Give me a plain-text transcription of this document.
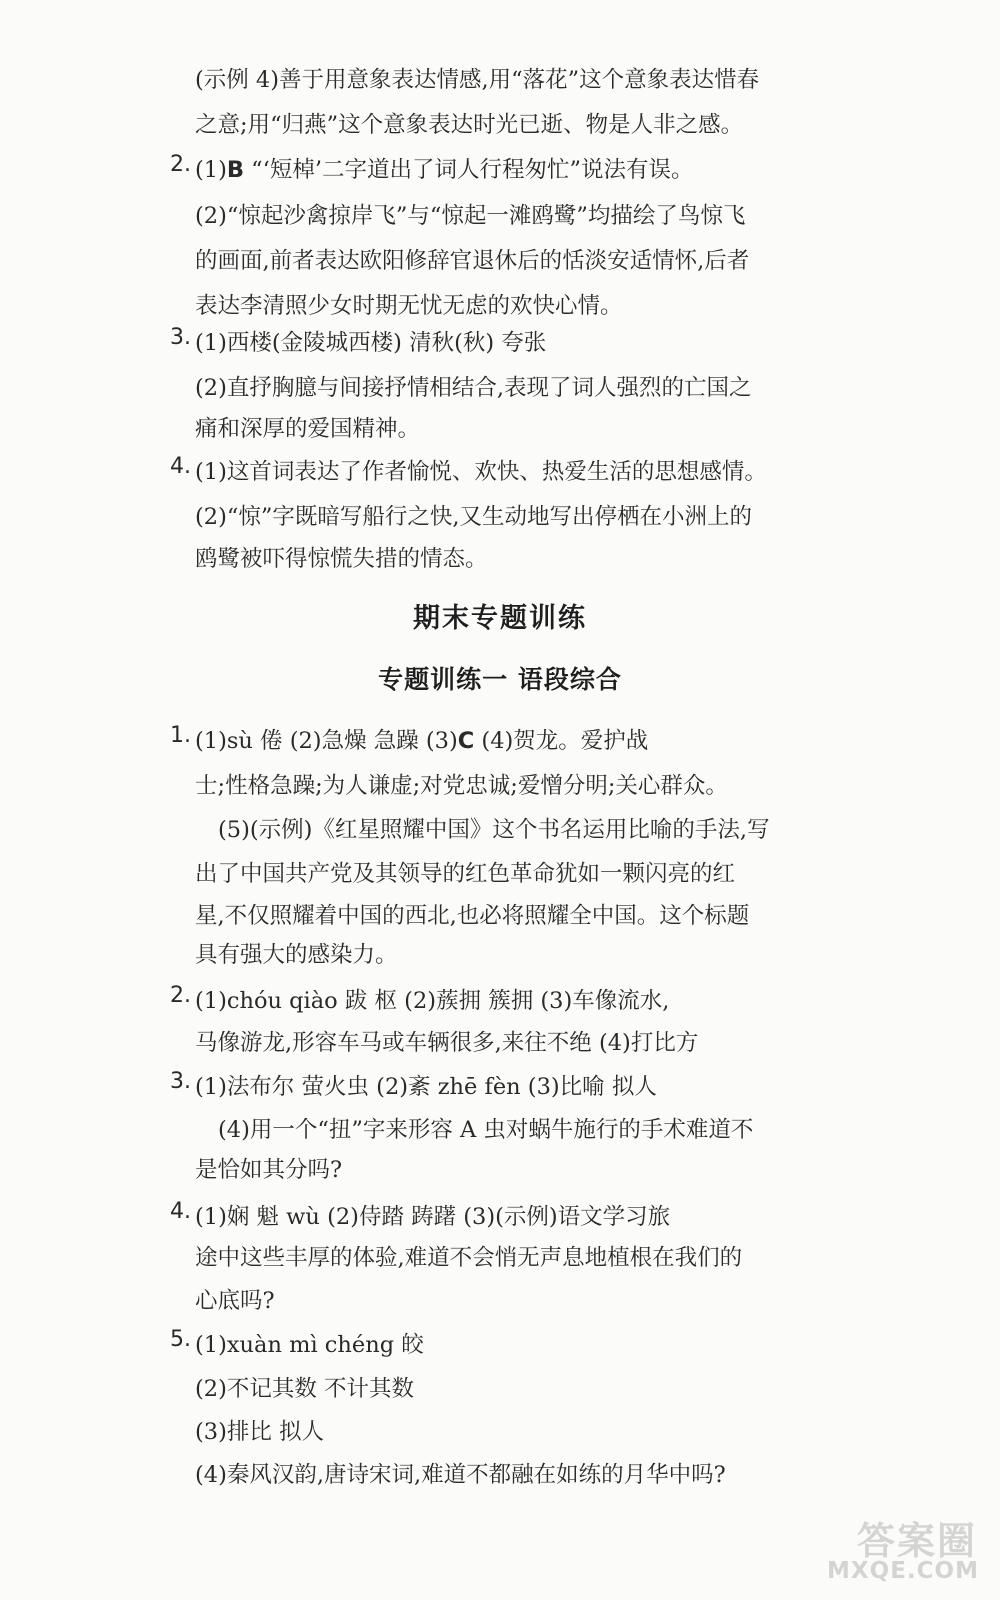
(示例 4)善于用意象表达情感,用“落花”这个意象表达惜春
之意;用“归燕”这个意象表达时光已逝、物是人非之感。
2. (1)B “‘短棹’二字道出了词人行程匆忙”说法有误。
(2)“惊起沙禽掠岸飞”与“惊起一滩鸥鹭”均描绘了鸟惊飞
的画面,前者表达欧阳修辞官退休后的恬淡安适情怀,后者
表达李清照少女时期无忧无虑的欢快心情。
3. (1)西楼(金陵城西楼) 清秋(秋) 夸张
(2)直抒胸臆与间接抒情相结合,表现了词人强烈的亡国之
痛和深厚的爱国精神。
4. (1)这首词表达了作者愉悦、欢快、热爱生活的思想感情。
(2)“惊”字既暗写船行之快,又生动地写出停栖在小洲上的
鸥鹭被吓得惊慌失措的情态。
期末专题训练
专题训练一 语段综合
1. (1)sù 倦 (2)急燥 急躁 (3)C (4)贺龙。爱护战
士;性格急躁;为人谦虚;对党忠诚;爱憎分明;关心群众。
(5)(示例)《红星照耀中国》这个书名运用比喻的手法,写
出了中国共产党及其领导的红色革命犹如一颗闪亮的红
星,不仅照耀着中国的西北,也必将照耀全中国。这个标题
具有强大的感染力。
2. (1)chóu qiào 跋 枢 (2)蔟拥 簇拥 (3)车像流水,
马像游龙,形容车马或车辆很多,来往不绝 (4)打比方
3. (1)法布尔 萤火虫 (2)紊 zhē fèn (3)比喻 拟人
(4)用一个“扭”字来形容 A 虫对蜗牛施行的手术难道不
是恰如其分吗?
4. (1)娴 魁 wù (2)侍踏 踌躇 (3)(示例)语文学习旅
途中这些丰厚的体验,难道不会悄无声息地植根在我们的
心底吗?
5. (1)xuàn mì chéng 皎
(2)不记其数 不计其数
(3)排比 拟人
(4)秦风汉韵,唐诗宋词,难道不都融在如练的月华中吗?
答案圈
MXQE.COM
